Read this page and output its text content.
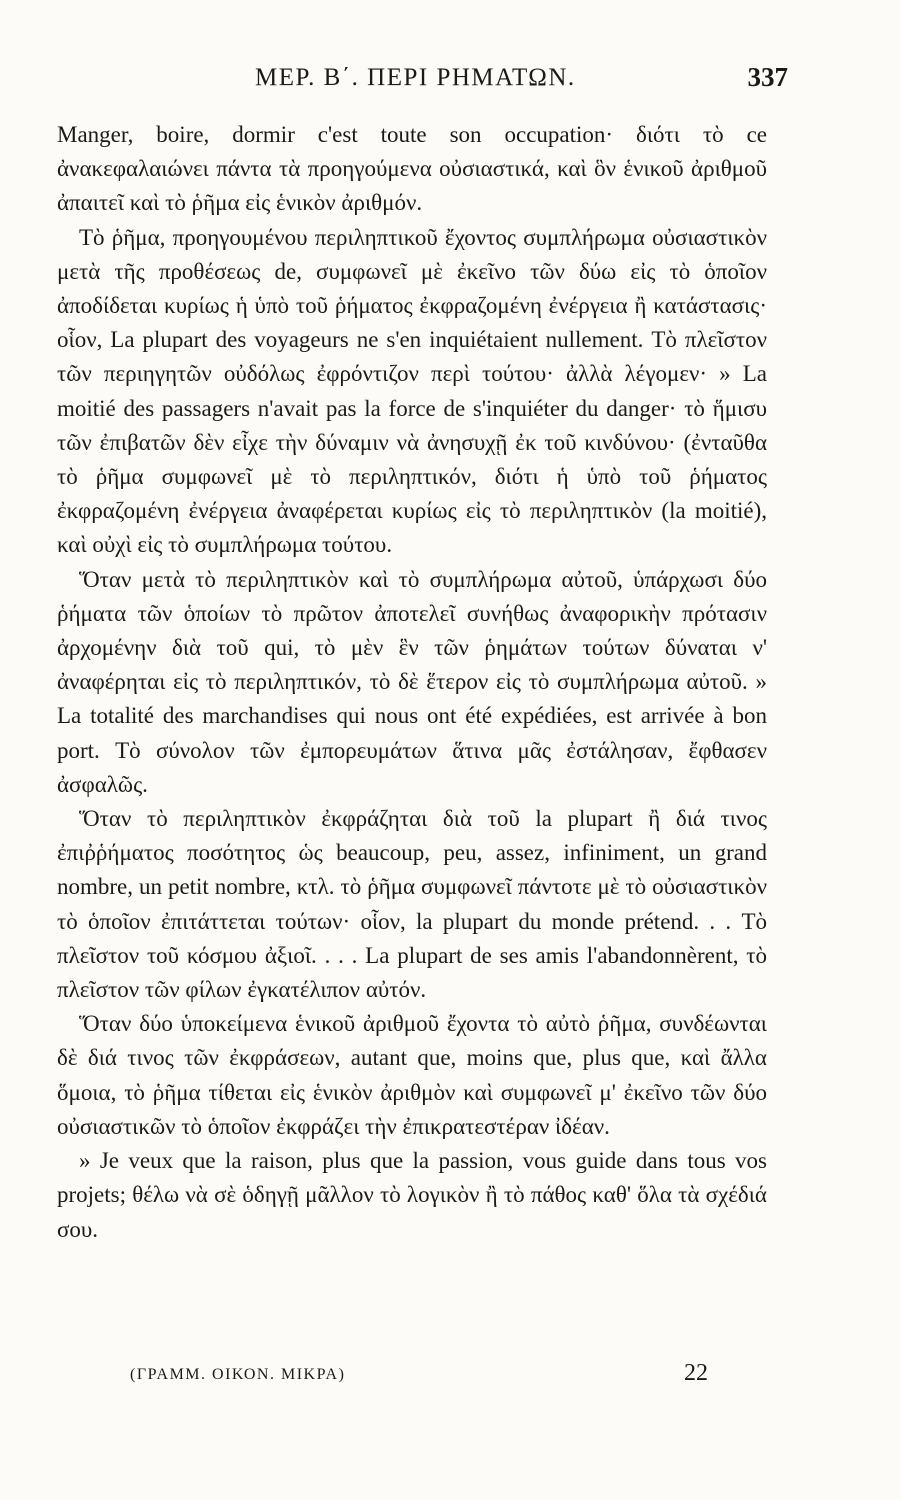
ΜΕΡ. Β΄. ΠΕΡΙ ΡΗΜΑΤΩΝ.	337

Manger, boire, dormir c'est toute son occupation· διότι τὸ ce ἀνακεφαλαιώνει πάντα τὰ προηγούμενα οὐσιαστικά, καὶ ὃν ἑνικοῦ ἀριθμοῦ ἀπαιτεῖ καὶ τὸ ῥῆμα εἰς ἑνικὸν ἀριθμόν.

Τὸ ῥῆμα, προηγουμένου περιληπτικοῦ ἔχοντος συμπλήρωμα οὐσιαστικὸν μετὰ τῆς προθέσεως de, συμφωνεῖ μὲ ἐκεῖνο τῶν δύω εἰς τὸ ὁποῖον ἀποδίδεται κυρίως ἡ ὑπὸ τοῦ ῥήματος ἐκφραζομένη ἐνέργεια ἢ κατάστασις· οἷον, La plupart des voyageurs ne s'en inquiétaient nullement. Τὸ πλεῖστον τῶν περιηγητῶν οὐδόλως ἐφρόντιζον περὶ τούτου· ἀλλὰ λέγομεν· » La moitié des passagers n'avait pas la force de s'inquiéter du danger· τὸ ἥμισυ τῶν ἐπιβατῶν δὲν εἶχε τὴν δύναμιν νὰ ἀνησυχῇ ἐκ τοῦ κινδύνου· (ἐνταῦθα τὸ ῥῆμα συμφωνεῖ μὲ τὸ περιληπτικόν, διότι ἡ ὑπὸ τοῦ ῥήματος ἐκφραζομένη ἐνέργεια ἀναφέρεται κυρίως εἰς τὸ περιληπτικὸν (la moitié), καὶ οὐχὶ εἰς τὸ συμπλήρωμα τούτου.

Ὅταν μετὰ τὸ περιληπτικὸν καὶ τὸ συμπλήρωμα αὐτοῦ, ὑπάρχωσι δύο ῥήματα τῶν ὁποίων τὸ πρῶτον ἀποτελεῖ συνήθως ἀναφορικὴν πρότασιν ἀρχομένην διὰ τοῦ qui, τὸ μὲν ἓν τῶν ῥημάτων τούτων δύναται ν' ἀναφέρηται εἰς τὸ περιληπτικόν, τὸ δὲ ἕτερον εἰς τὸ συμπλήρωμα αὐτοῦ. » La totalité des marchandises qui nous ont été expédiées, est arrivée à bon port. Τὸ σύνολον τῶν ἐμπορευμάτων ἅτινα μᾶς ἐστάλησαν, ἔφθασεν ἀσφαλῶς.

Ὅταν τὸ περιληπτικὸν ἐκφράζηται διὰ τοῦ la plupart ἢ διά τινος ἐπιῤῥήματος ποσότητος ὡς beaucoup, peu, assez, infiniment, un grand nombre, un petit nombre, κτλ. τὸ ῥῆμα συμφωνεῖ πάντοτε μὲ τὸ οὐσιαστικὸν τὸ ὁποῖον ἐπιτάττεται τούτων· οἷον, la plupart du monde prétend. . . Τὸ πλεῖστον τοῦ κόσμου ἀξιοῖ. . . . La plupart de ses amis l'abandonnèrent, τὸ πλεῖστον τῶν φίλων ἐγκατέλιπον αὐτόν.

Ὅταν δύο ὑποκείμενα ἑνικοῦ ἀριθμοῦ ἔχοντα τὸ αὐτὸ ῥῆμα, συνδέωνται δὲ διά τινος τῶν ἐκφράσεων, autant que, moins que, plus que, καὶ ἄλλα ὅμοια, τὸ ῥῆμα τίθεται εἰς ἑνικὸν ἀριθμὸν καὶ συμφωνεῖ μ' ἐκεῖνο τῶν δύο οὐσιαστικῶν τὸ ὁποῖον ἐκφράζει τὴν ἐπικρατεστέραν ἰδέαν.

» Je veux que la raison, plus que la passion, vous guide dans tous vos projets; θέλω νὰ σὲ ὁδηγῇ μᾶλλον τὸ λογικὸν ἢ τὸ πάθος καθ' ὅλα τὰ σχέδιά σου.

(ΓΡΑΜΜ. ΟΙΚΟΝ. ΜΙΚΡΑ)	22
